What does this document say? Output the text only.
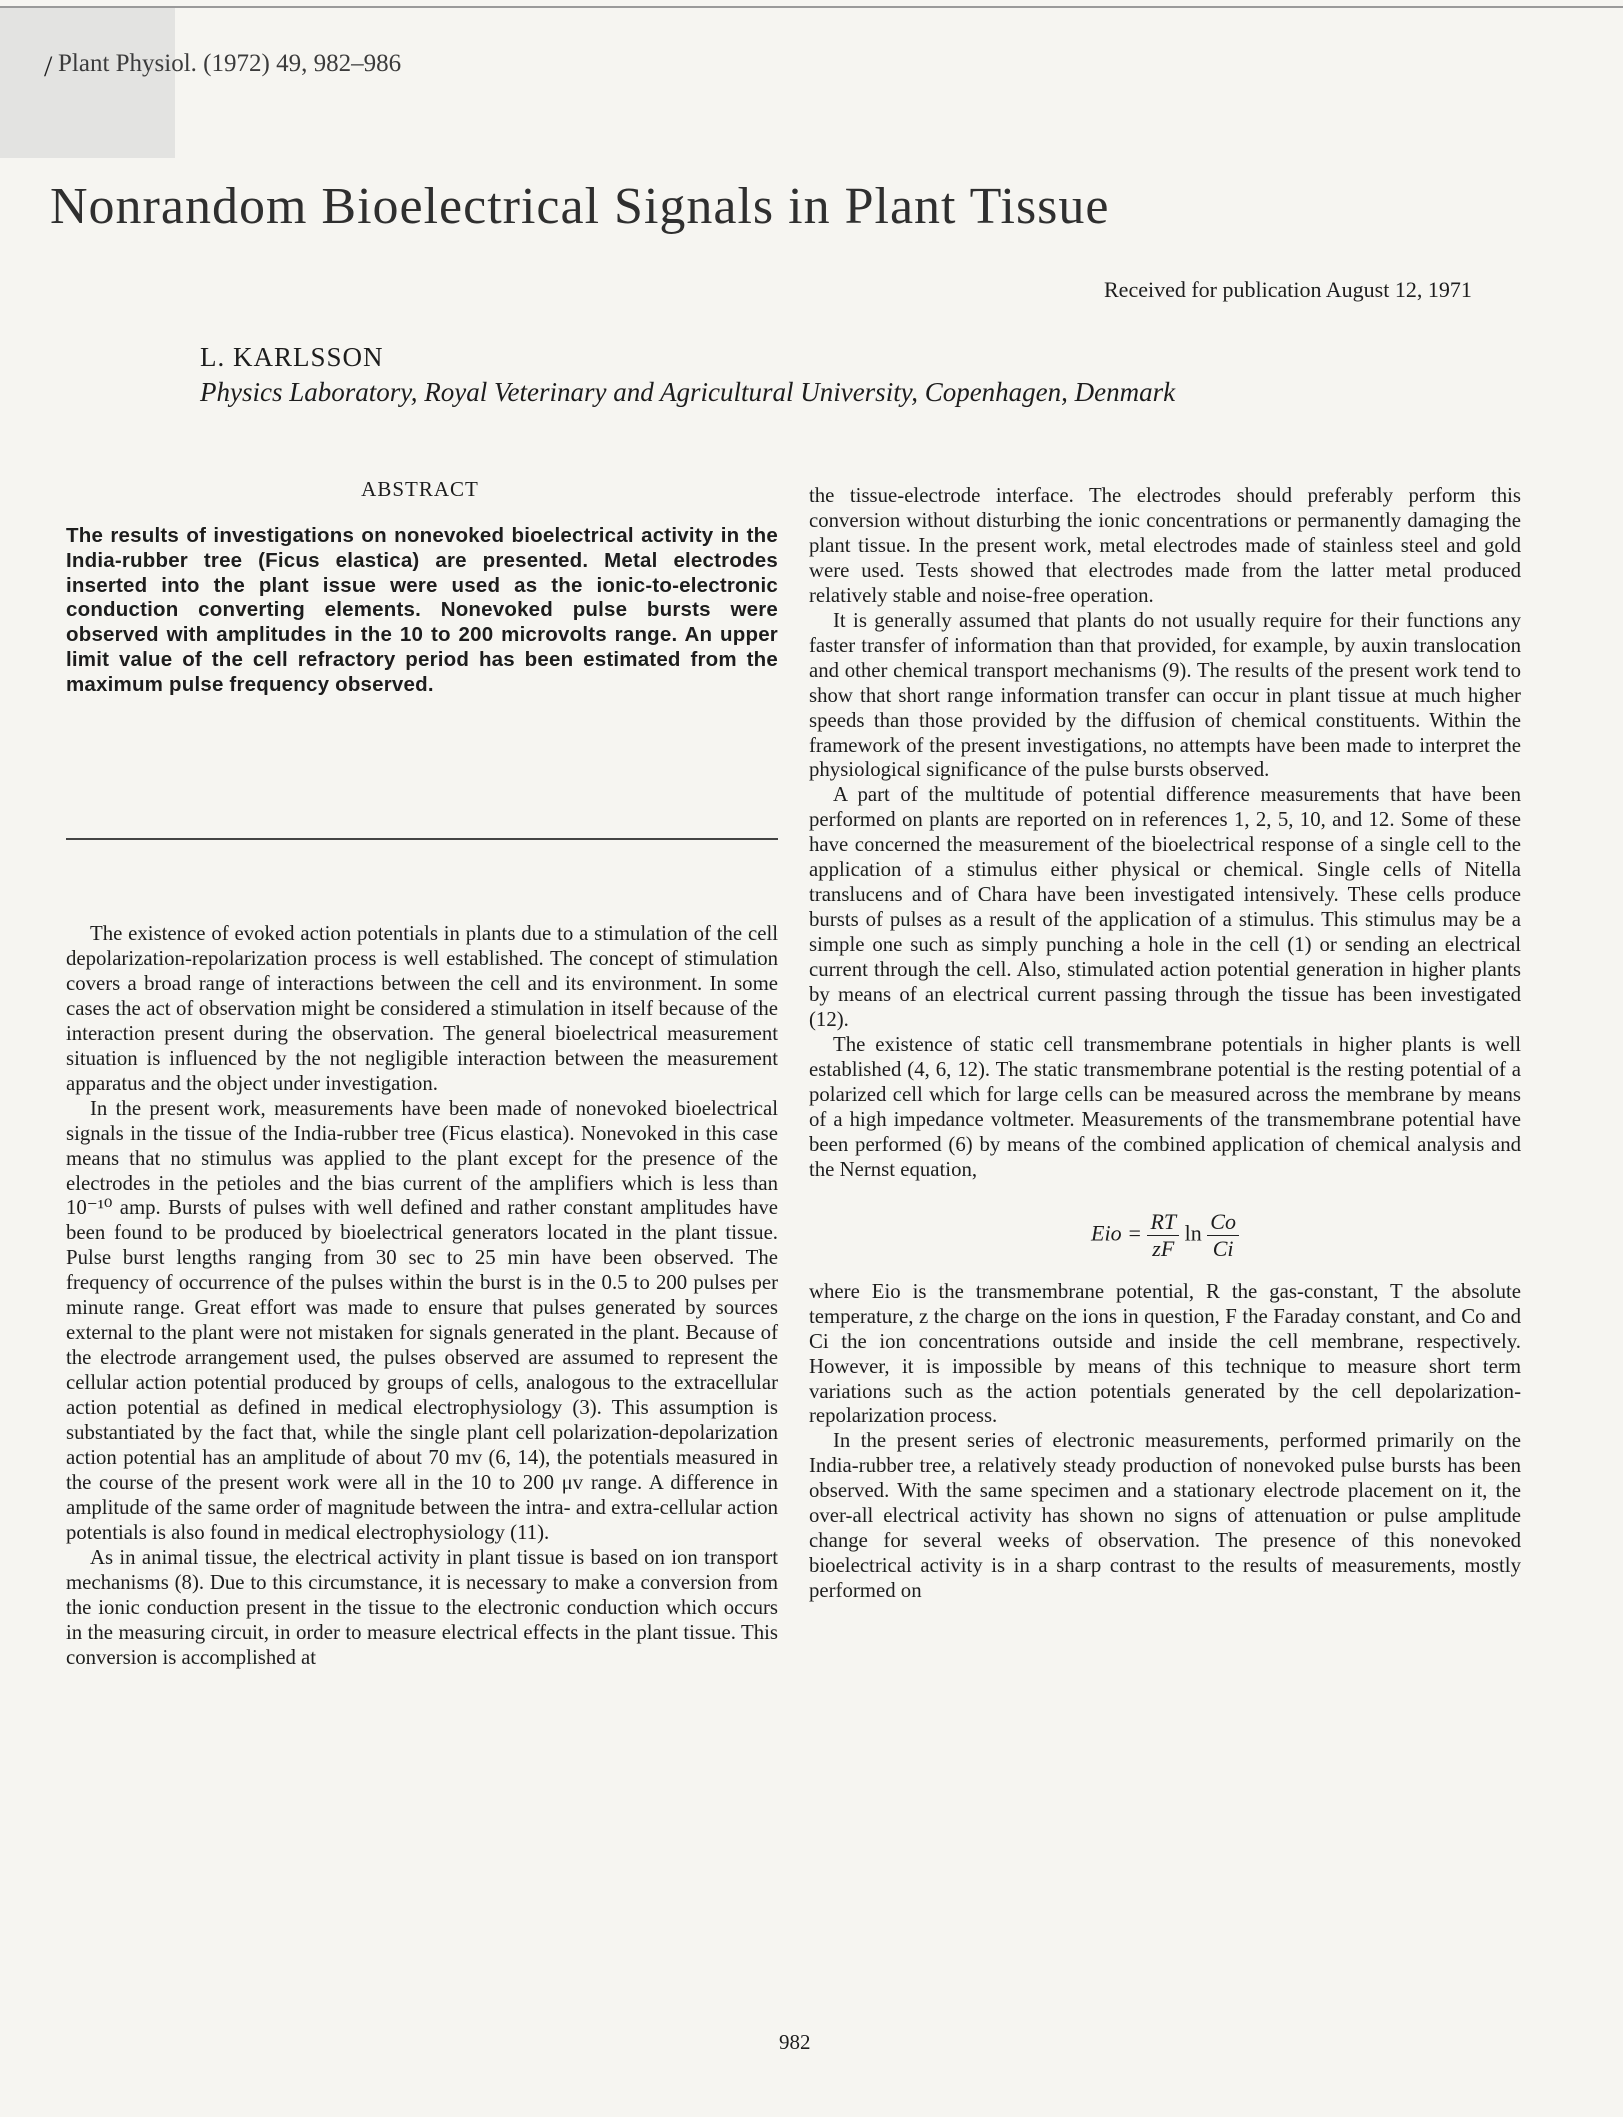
/ Plant Physiol. (1972) 49, 982–986
Nonrandom Bioelectrical Signals in Plant Tissue
Received for publication August 12, 1971
L. KARLSSON
Physics Laboratory, Royal Veterinary and Agricultural University, Copenhagen, Denmark
ABSTRACT
The results of investigations on nonevoked bioelectrical activity in the India-rubber tree (Ficus elastica) are presented. Metal electrodes inserted into the plant issue were used as the ionic-to-electronic conduction converting elements. Nonevoked pulse bursts were observed with amplitudes in the 10 to 200 microvolts range. An upper limit value of the cell refractory period has been estimated from the maximum pulse frequency observed.

The existence of evoked action potentials in plants due to a stimulation of the cell depolarization-repolarization process is well established. The concept of stimulation covers a broad range of interactions between the cell and its environment. In some cases the act of observation might be considered a stimulation in itself because of the interaction present during the observation. The general bioelectrical measurement situation is influenced by the not negligible interaction between the measurement apparatus and the object under investigation.

In the present work, measurements have been made of nonevoked bioelectrical signals in the tissue of the India-rubber tree (Ficus elastica). Nonevoked in this case means that no stimulus was applied to the plant except for the presence of the electrodes in the petioles and the bias current of the amplifiers which is less than 10⁻¹⁰ amp. Bursts of pulses with well defined and rather constant amplitudes have been found to be produced by bioelectrical generators located in the plant tissue. Pulse burst lengths ranging from 30 sec to 25 min have been observed. The frequency of occurrence of the pulses within the burst is in the 0.5 to 200 pulses per minute range. Great effort was made to ensure that pulses generated by sources external to the plant were not mistaken for signals generated in the plant. Because of the electrode arrangement used, the pulses observed are assumed to represent the cellular action potential produced by groups of cells, analogous to the extracellular action potential as defined in medical electrophysiology (3). This assumption is substantiated by the fact that, while the single plant cell polarization-depolarization action potential has an amplitude of about 70 mv (6, 14), the potentials measured in the course of the present work were all in the 10 to 200 μv range. A difference in amplitude of the same order of magnitude between the intra- and extra-cellular action potentials is also found in medical electrophysiology (11).

As in animal tissue, the electrical activity in plant tissue is based on ion transport mechanisms (8). Due to this circumstance, it is necessary to make a conversion from the ionic conduction present in the tissue to the electronic conduction which occurs in the measuring circuit, in order to measure electrical effects in the plant tissue. This conversion is accomplished at

the tissue-electrode interface. The electrodes should preferably perform this conversion without disturbing the ionic concentrations or permanently damaging the plant tissue. In the present work, metal electrodes made of stainless steel and gold were used. Tests showed that electrodes made from the latter metal produced relatively stable and noise-free operation.

It is generally assumed that plants do not usually require for their functions any faster transfer of information than that provided, for example, by auxin translocation and other chemical transport mechanisms (9). The results of the present work tend to show that short range information transfer can occur in plant tissue at much higher speeds than those provided by the diffusion of chemical constituents. Within the framework of the present investigations, no attempts have been made to interpret the physiological significance of the pulse bursts observed.

A part of the multitude of potential difference measurements that have been performed on plants are reported on in references 1, 2, 5, 10, and 12. Some of these have concerned the measurement of the bioelectrical response of a single cell to the application of a stimulus either physical or chemical. Single cells of Nitella translucens and of Chara have been investigated intensively. These cells produce bursts of pulses as a result of the application of a stimulus. This stimulus may be a simple one such as simply punching a hole in the cell (1) or sending an electrical current through the cell. Also, stimulated action potential generation in higher plants by means of an electrical current passing through the tissue has been investigated (12).

The existence of static cell transmembrane potentials in higher plants is well established (4, 6, 12). The static transmembrane potential is the resting potential of a polarized cell which for large cells can be measured across the membrane by means of a high impedance voltmeter. Measurements of the transmembrane potential have been performed (6) by means of the combined application of chemical analysis and the Nernst equation,

Eio = $\frac{RT}{zF}$ $\ln \frac{Co}{Ci}$

where Eio is the transmembrane potential, R the gas-constant, T the absolute temperature, z the charge on the ions in question, F the Faraday constant, and Co and Ci the ion concentrations outside and inside the cell membrane, respectively. However, it is impossible by means of this technique to measure short term variations such as the action potentials generated by the cell depolarization-repolarization process.

In the present series of electronic measurements, performed primarily on the India-rubber tree, a relatively steady production of nonevoked pulse bursts has been observed. With the same specimen and a stationary electrode placement on it, the over-all electrical activity has shown no signs of attenuation or pulse amplitude change for several weeks of observation. The presence of this nonevoked bioelectrical activity is in a sharp contrast to the results of measurements, mostly performed on

982
